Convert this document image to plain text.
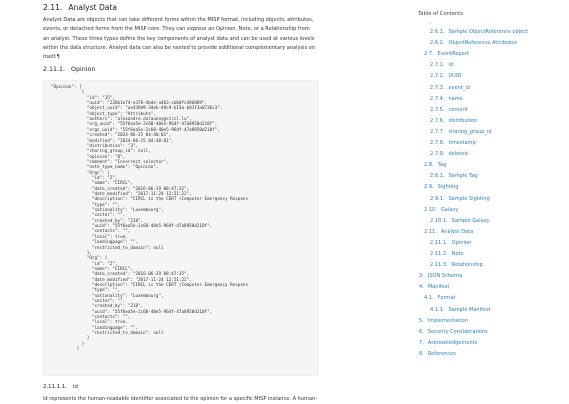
2.11. Analyst Data

Analyst Data are objects that can take different forms within the MISP format, including objects, attributes,

events, or detached forms from the MISP core. They can express an Opinion, Note, or a Relationship from

an analyst. These three types define the key components of analyst data and can be used at various levels

within the data structure. Analyst data can also be nested to provide additional complementary analysis on

itself.¶

2.11.1. Opinion
"Opinion": [
{
"id": "15",
"uuid": "238b1e74-e378-4bde-a463-cbb8fc496889",
"object_uuid": "ae439d9-3deb-49c9-b13a-b01f3a0736c3",
"object_type": "Attribute",
"authors": "alexandre.dulaunoy@circl.lu",
"org_uuid": "55f6ea5e-2c60-40e5-964f-47a8950d210f",
"orgc_uuid": "55f6ea5e-2c60-40e5-964f-47a8950d210f",
"created": "2024-06-25 04:40:01",
"modified": "2024-06-25 04:40:01",
"distribution": "3",
"sharing_group_id": null,
"opinion": "0",
"comment": "Incorrect selector",
"note_type_name": "Opinion",
"Orgc": {
"id": "2",
"name": "CIRCL",
"date_created": "2016-06-29 08:47:35",
"date_modified": "2017-11-24 12:51:22",
"description": "CIRCL is the CERT (Computer Emergency Respons
"type": "",
"nationality": "Luxembourg",
"sector": "",
"created_by": "218",
"uuid": "55f6ea5e-2c60-40e5-964f-47a8950d210f",
"contacts": "",
"local": true,
"landingpage": "",
"restricted_to_domain": null
},
"Org": {
"id": "2",
"name": "CIRCL",
"date_created": "2016-06-29 08:47:35",
"date_modified": "2017-11-24 12:51:22",
"description": "CIRCL is the CERT (Computer Emergency Respons
"type": "",
"nationality": "Luxembourg",
"sector": "",
"created_by": "218",
"uuid": "55f6ea5e-2c60-40e5-964f-47a8950d210f",
"contacts": "",
"local": true,
"landingpage": "",
"restricted_to_domain": null
}
}
]
2.11.1.1. id
id represents the human-readable identifier associated to the opinion for a specific MISP instance. A human-
Table of Contents
,
2.6.1. Sample ObjectReference object
2.6.2. ObjectReference Attributes
2.7. EventReport
2.7.1. id
2.7.2. UUID
2.7.3. event_id
2.7.4. name
2.7.5. content
2.7.6. distribution
2.7.7. sharing_group_id
2.7.8. timestamp
2.7.9. deleted
2.8. Tag
2.8.1. Sample Tag
2.9. Sighting
2.9.1. Sample Sighting
2.10. Galaxy
2.10.1. Sample Galaxy
2.11. Analyst Data
2.11.1. Opinion
2.11.2. Note
2.11.3. Relationship
3. JSON Schema
4. Manifest
4.1. Format
4.1.1. Sample Manifest
5. Implementation
6. Security Considerations
7. Acknowledgements
8. References
